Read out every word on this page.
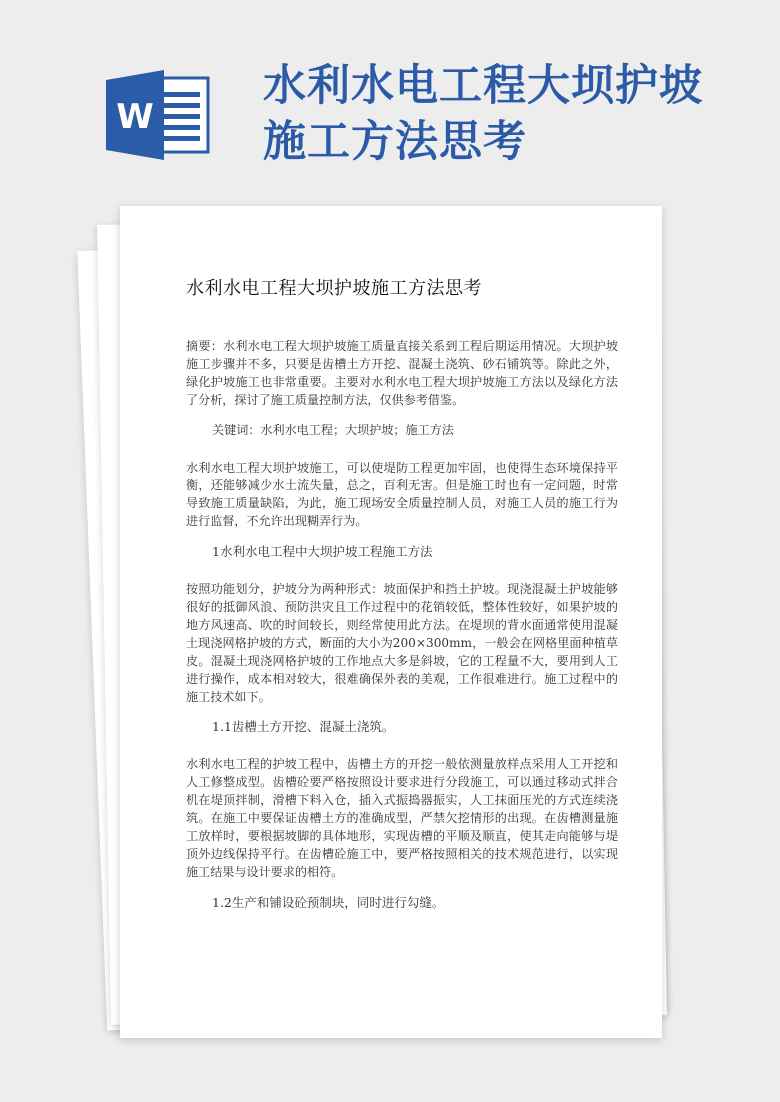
W
水利水电工程大坝护坡
施工方法思考
水利水电工程大坝护坡施工方法思考

摘要：水利水电工程大坝护坡施工质量直接关系到工程后期运用情况。大坝护坡施工步骤并不多，只要是齿槽土方开挖、混凝土浇筑、砂石铺筑等。除此之外，绿化护坡施工也非常重要。主要对水利水电工程大坝护坡施工方法以及绿化方法了分析，探讨了施工质量控制方法，仅供参考借鉴。

关键词：水利水电工程；大坝护坡；施工方法

水利水电工程大坝护坡施工，可以使堤防工程更加牢固，也使得生态环境保持平衡，还能够减少水土流失量，总之，百利无害。但是施工时也有一定问题，时常导致施工质量缺陷，为此，施工现场安全质量控制人员，对施工人员的施工行为进行监督，不允许出现糊弄行为。

1水利水电工程中大坝护坡工程施工方法

按照功能划分，护坡分为两种形式：坡面保护和挡土护坡。现浇混凝土护坡能够很好的抵御风浪、预防洪灾且工作过程中的花销较低，整体性较好，如果护坡的地方风速高、吹的时间较长，则经常使用此方法。在堤坝的背水面通常使用混凝土现浇网格护坡的方式，断面的大小为200×300mm，一般会在网格里面种植草皮。混凝土现浇网格护坡的工作地点大多是斜坡，它的工程量不大，要用到人工进行操作，成本相对较大，很难确保外表的美观，工作很难进行。施工过程中的施工技术如下。

1.1齿槽土方开挖、混凝土浇筑。

水利水电工程的护坡工程中，齿槽土方的开挖一般依测量放样点采用人工开挖和人工修整成型。齿槽砼要严格按照设计要求进行分段施工，可以通过移动式拌合机在堤顶拌制，滑槽下料入仓，插入式振捣器振实，人工抹面压光的方式连续浇筑。在施工中要保证齿槽土方的准确成型，严禁欠挖情形的出现。在齿槽测量施工放样时，要根据坡脚的具体地形，实现齿槽的平顺及顺直，使其走向能够与堤顶外边线保持平行。在齿槽砼施工中，要严格按照相关的技术规范进行，以实现施工结果与设计要求的相符。

1.2生产和铺设砼预制块，同时进行勾缝。
